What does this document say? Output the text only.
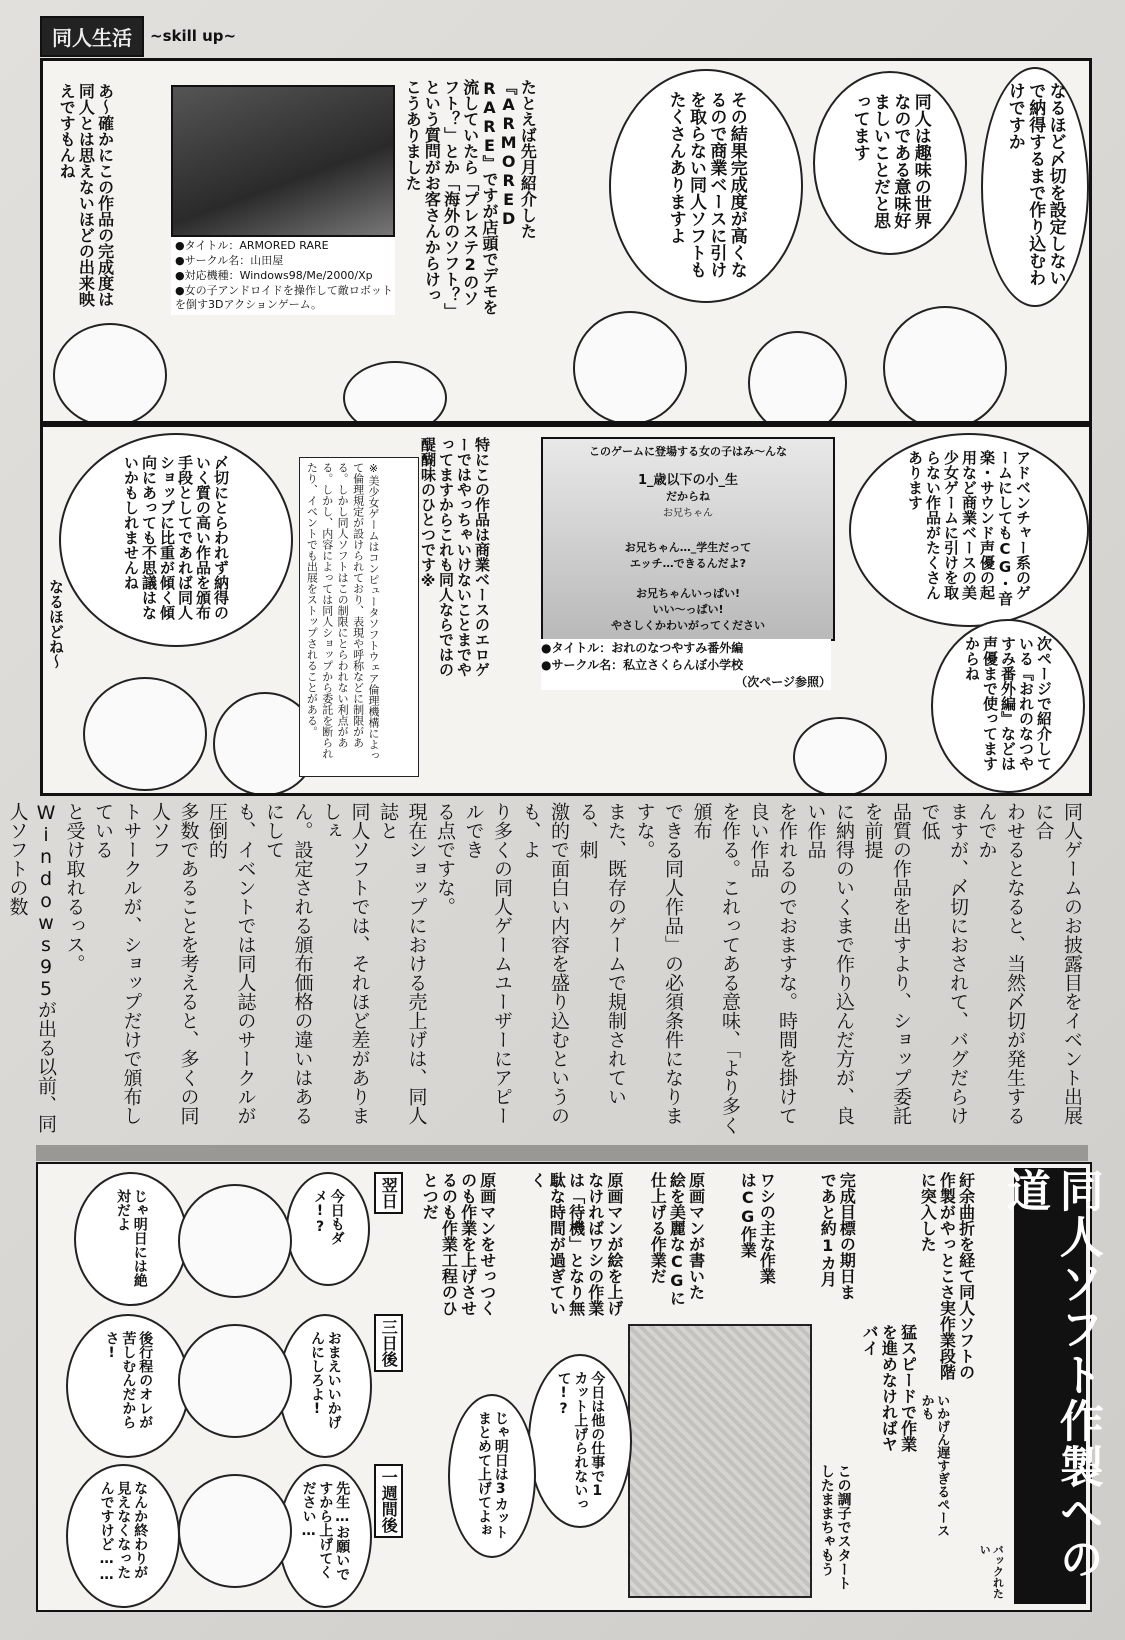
同人生活	~skill up~
なるほど〆切を設定しないで納得するまで作り込むわけですか
同人は趣味の世界なのである意味好ましいことだと思ってます
その結果完成度が高くなるので商業ベースに引けを取らない同人ソフトもたくさんありますよ
たとえば先月紹介した『ARMORED RARE』ですが店頭でデモを流していたら「プレステ2のソフト？」とか「海外のソフト？」という質問がお客さんからけっこうありました
●タイトル：ARMORED RARE
●サークル名：山田屋
●対応機種：Windows98/Me/2000/Xp
●女の子アンドロイドを操作して敵ロボット
を倒す3Dアクションゲーム。
あ〜確かにこの作品の完成度は同人とは思えないほどの出来映えですもんね
アドベンチャー系のゲームにしてもCG・音楽・サウンド声優の起用など商業ベースの美少女ゲームに引けを取らない作品がたくさんあります
次ページで紹介している『おれのなつやすみ番外編』などは声優まで使ってますからね
このゲームに登場する女の子はみ〜んな
1_歳以下の小_生
だからね
お兄ちゃん
お兄ちゃん…_学生だって
エッチ…できるんだよ?
お兄ちゃんいっぱい!
いい〜っぱい!
やさしくかわいがってください
●タイトル：おれのなつやすみ番外編
●サークル名：私立さくらんぼ小学校
（次ページ参照）
特にこの作品は商業ベースのエロゲーではやっちゃいけないことまでやってますからこれも同人ならではの醍醐味のひとつです※
※美少女ゲームはコンピュータソフトウェア倫理機構によって倫理規定が設けられており、表現や呼称などに制限がある。しかし同人ソフトはこの制限にとらわれない利点がある。しかし、内容によっては同人ショップから委託を断られたり、イベントでも出展をストップされることがある。
〆切にとらわれず納得のいく質の高い作品を頒布手段としてであれば同人ショップに比重が傾く傾向にあっても不思議はないかもしれませんね
なるほどね〜
同人ゲームのお披露目をイベント出展に合
わせるとなると、当然〆切が発生するんでか
ますが、〆切におされて、バグだらけで低
品質の作品を出すより、ショップ委託を前提
に納得のいくまで作り込んだ方が、良い作品
を作れるのでおますな。時間を掛けて良い作品
を作る。これってある意味、「より多く頒布
できる同人作品」の必須条件になりますな。
また、既存のゲームで規制されている、刺
激的で面白い内容を盛り込むというのも、よ
り多くの同人ゲームユーザーにアピールでき
る点ですな。
現在ショップにおける売上げは、同人誌と
同人ソフトでは、それほど差がありましぇ
ん。設定される頒布価格の違いはあるにして
も、イベントでは同人誌のサークルが圧倒的
多数であることを考えると、多くの同人ソフ
トサークルが、ショップだけで頒布している
と受け取れるっス。
Windows95が出る以前、同人ソフトの数
同人ソフト作製への道
紆余曲折を経て同人ソフトの作製がやっとこさ実作業段階に突入した
完成目標の期日まであと約1カ月
猛スピードで作業を進めなければヤバイ
いかげん遅すぎるペースかも
この調子でスタートしたままちゃもう	バックれたい
ワシの主な作業はCG作業
原画マンが書いた絵を美麗なCGに仕上げる作業だ
原画マンが絵を上げなければワシの作業は「待機」となり無駄な時間が過ぎていく
原画マンをせっつくのも作業を上げさせるのも作業工程のひとつだ
今日は他の仕事で1カット上げられないって!?
じゃ明日は3カットまとめて上げてよぉ
翌日
今日もダメ!?
じゃ明日には絶対だよ
三日後
おまえいいかげんにしろよ!
後行程のオレが苦しむんだからさ!
一週間後
先生…お願いですから上げてください…
なんか終わりが見えなくなったんですけど……
